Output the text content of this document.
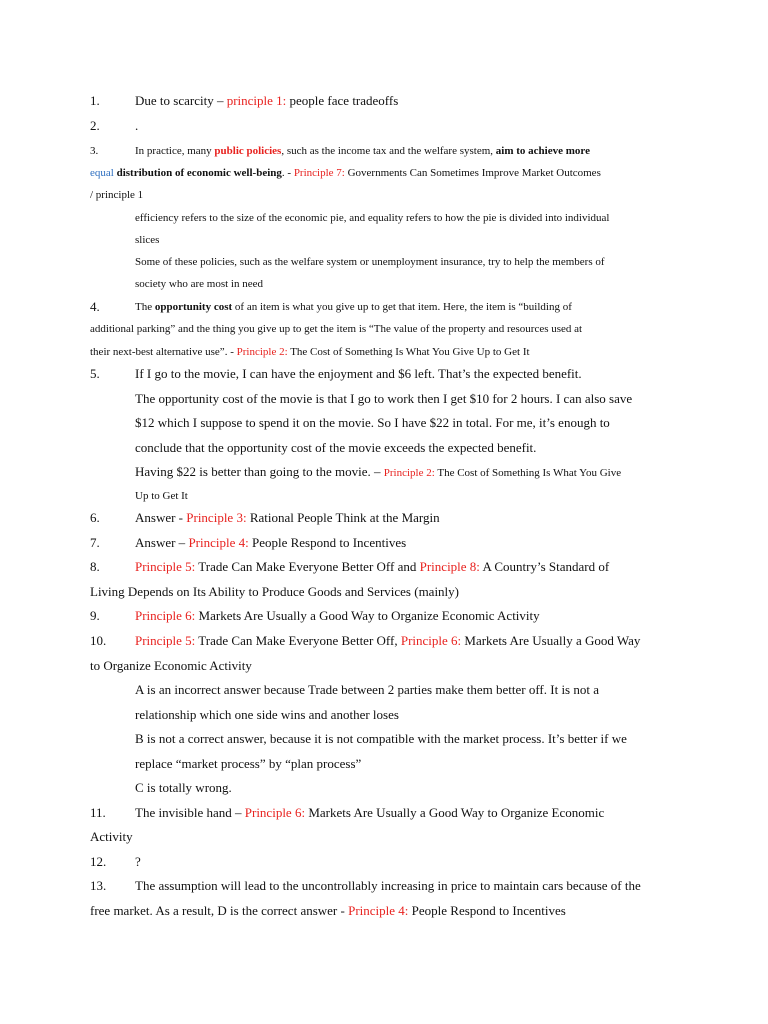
1.	Due to scarcity – principle 1: people face tradeoffs
2.	.
3.	In practice, many public policies, such as the income tax and the welfare system, aim to achieve more
equal distribution of economic well-being. - Principle 7: Governments Can Sometimes Improve Market Outcomes
/ principle 1
efficiency refers to the size of the economic pie, and equality refers to how the pie is divided into individual
slices
Some of these policies, such as the welfare system or unemployment insurance, try to help the members of
society who are most in need
4.	The opportunity cost of an item is what you give up to get that item. Here, the item is “building of
additional parking” and the thing you give up to get the item is “The value of the property and resources used at
their next-best alternative use”. - Principle 2: The Cost of Something Is What You Give Up to Get It
5.	If I go to the movie, I can have the enjoyment and $6 left. That’s the expected benefit.
The opportunity cost of the movie is that I go to work then I get $10 for 2 hours. I can also save
$12 which I suppose to spend it on the movie. So I have $22 in total. For me, it’s enough to
conclude that the opportunity cost of the movie exceeds the expected benefit.
Having $22 is better than going to the movie. – Principle 2: The Cost of Something Is What You Give
Up to Get It
6.	Answer - Principle 3: Rational People Think at the Margin
7.	Answer – Principle 4: People Respond to Incentives
8.	Principle 5: Trade Can Make Everyone Better Off and Principle 8: A Country’s Standard of
Living Depends on Its Ability to Produce Goods and Services (mainly)
9.	Principle 6: Markets Are Usually a Good Way to Organize Economic Activity
10. Principle 5: Trade Can Make Everyone Better Off, Principle 6: Markets Are Usually a Good Way
to Organize Economic Activity
A is an incorrect answer because Trade between 2 parties make them better off. It is not a
relationship which one side wins and another loses
B is not a correct answer, because it is not compatible with the market process. It’s better if we
replace “market process” by “plan process”
C is totally wrong.
11. The invisible hand – Principle 6: Markets Are Usually a Good Way to Organize Economic
Activity
12. ?
13. The assumption will lead to the uncontrollably increasing in price to maintain cars because of the
free market. As a result, D is the correct answer - Principle 4: People Respond to Incentives
